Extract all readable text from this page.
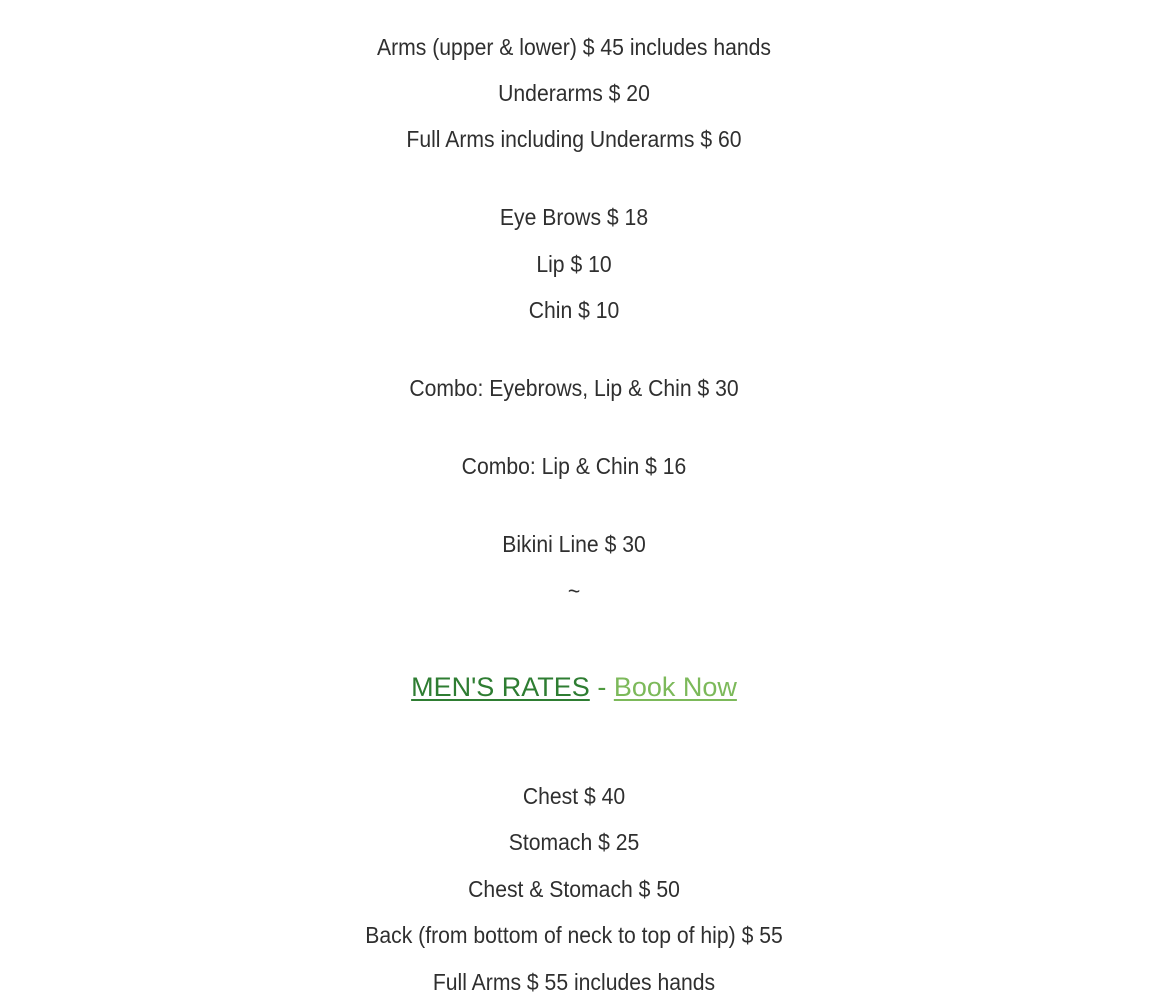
Arms (upper & lower) $ 45 includes hands
Underarms $ 20
Full Arms including Underarms $ 60
Eye Brows $ 18
Lip $ 10
Chin $ 10
Combo: Eyebrows, Lip & Chin $ 30
Combo: Lip & Chin $ 16
Bikini Line $ 30
~
MEN'S RATES - Book Now
Chest $ 40
Stomach $ 25
Chest & Stomach $ 50
Back (from bottom of neck to top of hip) $ 55
Full Arms $ 55 includes hands
